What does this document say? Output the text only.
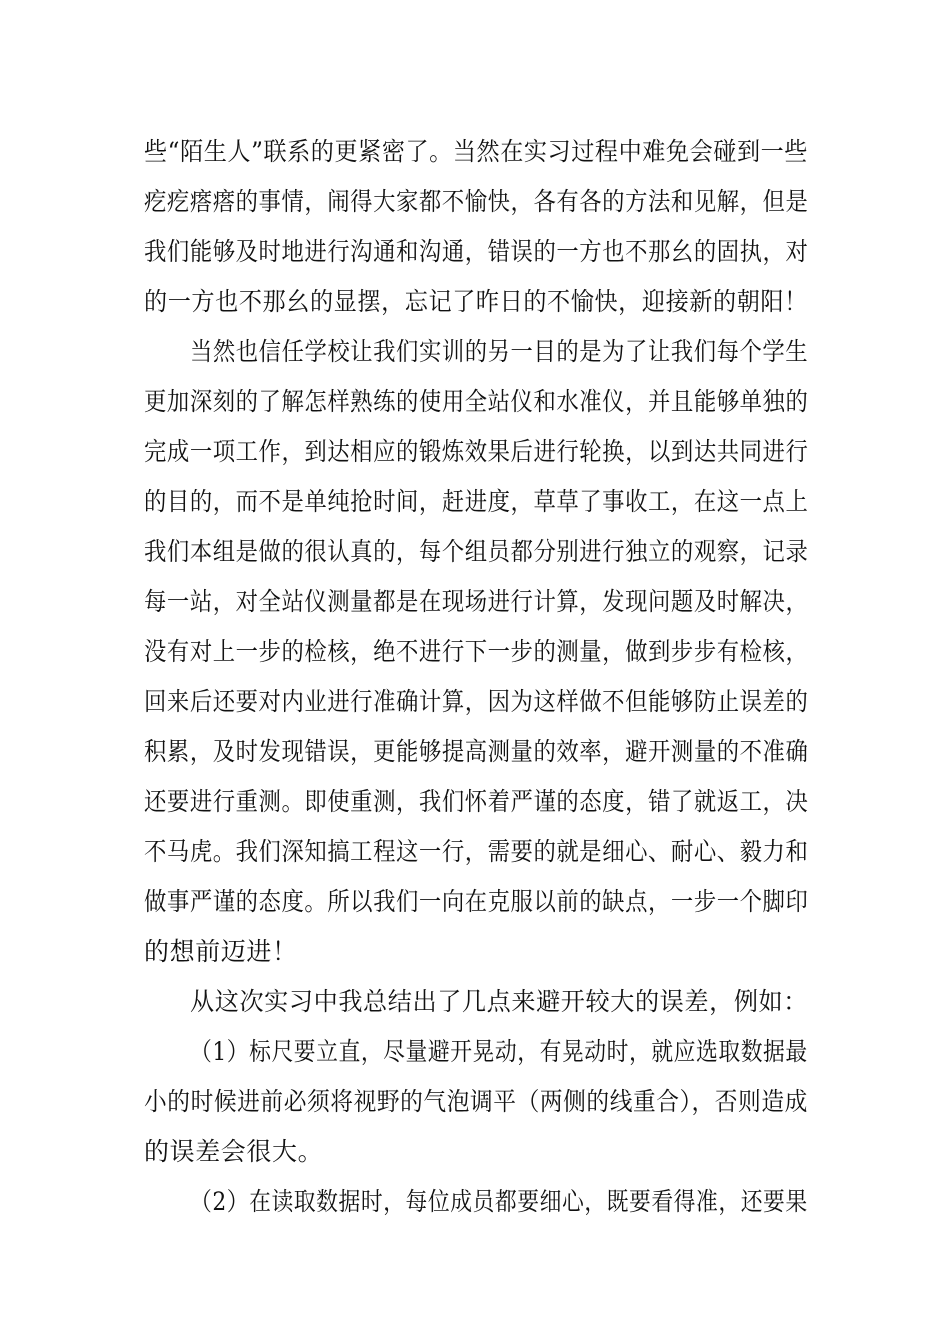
些“陌生人”联系的更紧密了。当然在实习过程中难免会碰到一些
疙疙瘩瘩的事情，闹得大家都不愉快，各有各的方法和见解，但是
我们能够及时地进行沟通和沟通，错误的一方也不那幺的固执，对
的一方也不那幺的显摆，忘记了昨日的不愉快，迎接新的朝阳！
当然也信任学校让我们实训的另一目的是为了让我们每个学生
更加深刻的了解怎样熟练的使用全站仪和水准仪，并且能够单独的
完成一项工作，到达相应的锻炼效果后进行轮换，以到达共同进行
的目的，而不是单纯抢时间，赶进度，草草了事收工，在这一点上
我们本组是做的很认真的，每个组员都分别进行独立的观察，记录
每一站，对全站仪测量都是在现场进行计算，发现问题及时解决，
没有对上一步的检核，绝不进行下一步的测量，做到步步有检核，
回来后还要对内业进行准确计算，因为这样做不但能够防止误差的
积累，及时发现错误，更能够提高测量的效率，避开测量的不准确
还要进行重测。即使重测，我们怀着严谨的态度，错了就返工，决
不马虎。我们深知搞工程这一行，需要的就是细心、耐心、毅力和
做事严谨的态度。所以我们一向在克服以前的缺点，一步一个脚印
的想前迈进！
从这次实习中我总结出了几点来避开较大的误差，例如：
（1）标尺要立直，尽量避开晃动，有晃动时，就应选取数据最
小的时候进前必须将视野的气泡调平（两侧的线重合），否则造成
的误差会很大。
（2）在读取数据时，每位成员都要细心，既要看得准，还要果
